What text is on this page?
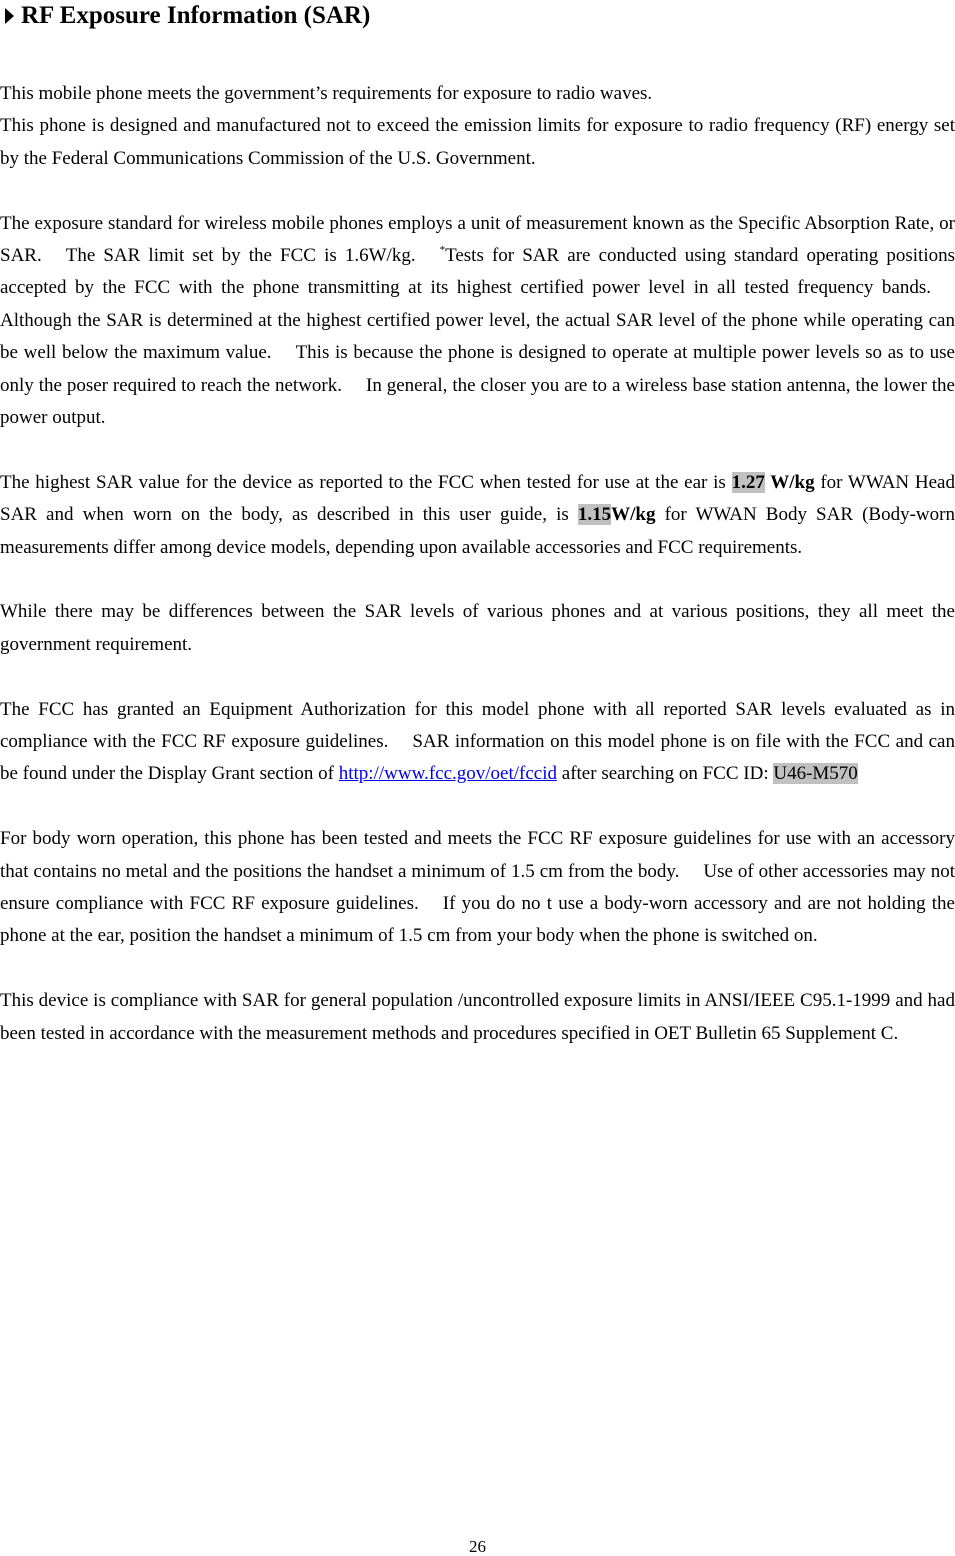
RF Exposure Information (SAR)

This mobile phone meets the government’s requirements for exposure to radio waves.
This phone is designed and manufactured not to exceed the emission limits for exposure to radio frequency (RF) energy set by the Federal Communications Commission of the U.S. Government.

The exposure standard for wireless mobile phones employs a unit of measurement known as the Specific Absorption Rate, or SAR. The SAR limit set by the FCC is 1.6W/kg. *Tests for SAR are conducted using standard operating positions accepted by the FCC with the phone transmitting at its highest certified power level in all tested frequency bands.Although the SAR is determined at the highest certified power level, the actual SAR level of the phone while operating can be well below the maximum value. This is because the phone is designed to operate at multiple power levels so as to use only the poser required to reach the network. In general, the closer you are to a wireless base station antenna, the lower the power output.

The highest SAR value for the device as reported to the FCC when tested for use at the ear is 1.27 W/kg for WWAN Head SAR and when worn on the body, as described in this user guide, is 1.15W/kg for WWAN Body SAR (Body-worn measurements differ among device models, depending upon available accessories and FCC requirements.

While there may be differences between the SAR levels of various phones and at various positions, they all meet the government requirement.

The FCC has granted an Equipment Authorization for this model phone with all reported SAR levels evaluated as in compliance with the FCC RF exposure guidelines. SAR information on this model phone is on file with the FCC and can be found under the Display Grant section of http://www.fcc.gov/oet/fccid after searching on FCC ID: U46-M570

For body worn operation, this phone has been tested and meets the FCC RF exposure guidelines for use with an accessory that contains no metal and the positions the handset a minimum of 1.5 cm from the body. Use of other accessories may not ensure compliance with FCC RF exposure guidelines. If you do no t use a body-worn accessory and are not holding the phone at the ear, position the handset a minimum of 1.5 cm from your body when the phone is switched on.

This device is compliance with SAR for general population /uncontrolled exposure limits in ANSI/IEEE C95.1-1999 and had been tested in accordance with the measurement methods and procedures specified in OET Bulletin 65 Supplement C.

26
